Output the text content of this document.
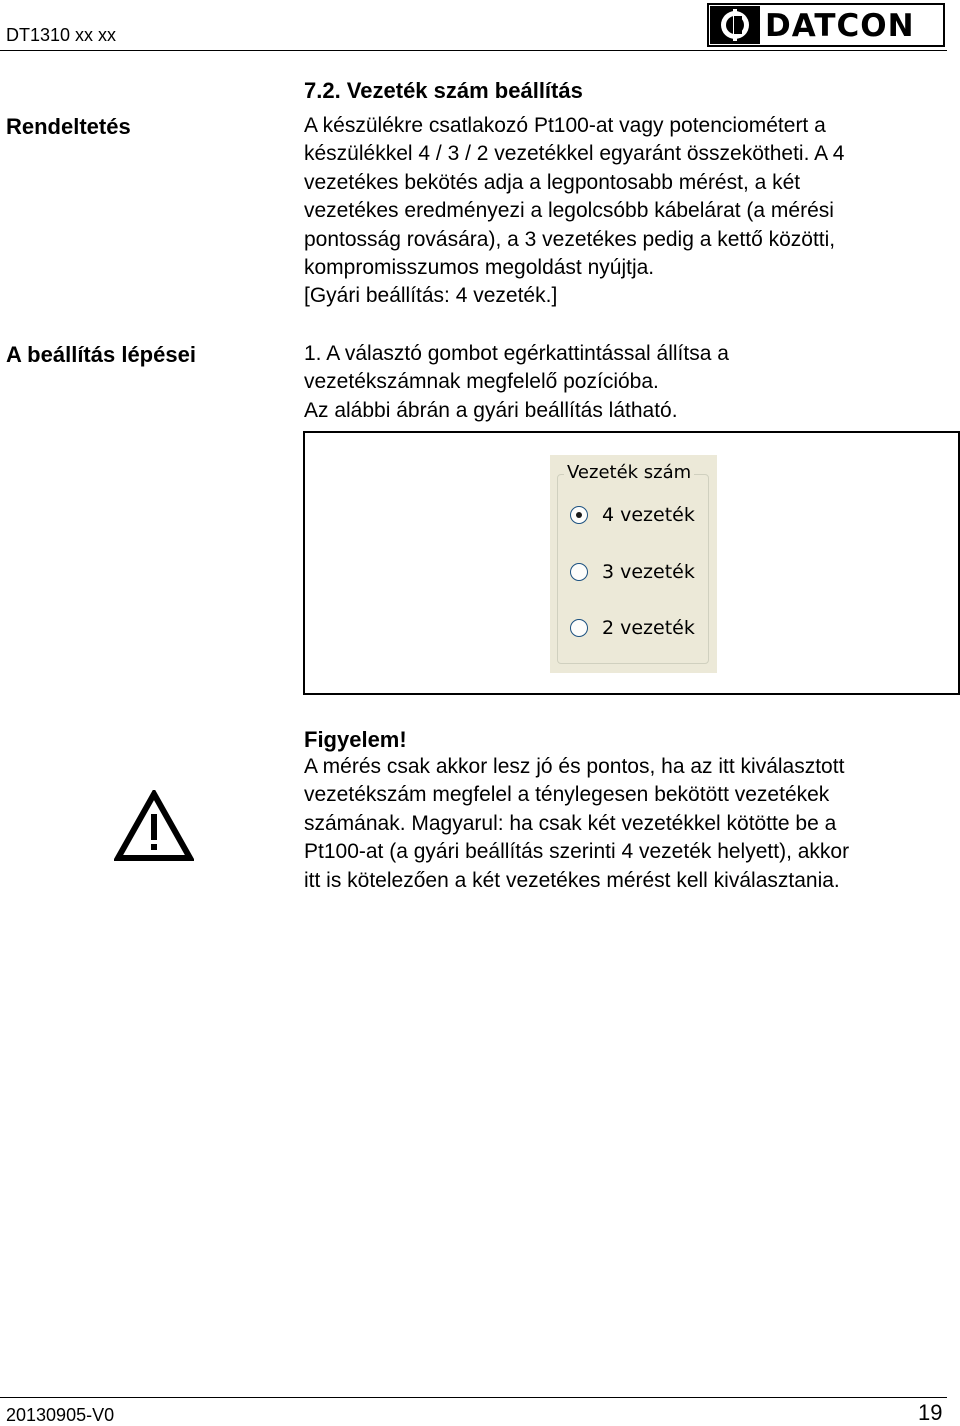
DT1310 xx xx	DATCON
7.2. Vezeték szám beállítás
Rendeltetés	A készülékre csatlakozó Pt100-at vagy potenciométert a
készülékkel 4 / 3 / 2 vezetékkel egyaránt összekötheti. A 4
vezetékes bekötés adja a legpontosabb mérést, a két
vezetékes eredményezi a legolcsóbb kábelárat (a mérési
pontosság rovására), a 3 vezetékes pedig a kettő közötti,
kompromisszumos megoldást nyújtja.
[Gyári beállítás: 4 vezeték.]
A beállítás lépései	1. A választó gombot egérkattintással állítsa a
vezetékszámnak megfelelő pozícióba.
Az alábbi ábrán a gyári beállítás látható.
Vezeték szám
4 vezeték
3 vezeték
2 vezeték
Figyelem!
A mérés csak akkor lesz jó és pontos, ha az itt kiválasztott
vezetékszám megfelel a ténylegesen bekötött vezetékek
számának. Magyarul: ha csak két vezetékkel kötötte be a
Pt100-at (a gyári beállítás szerinti 4 vezeték helyett), akkor
itt is kötelezően a két vezetékes mérést kell kiválasztania.
20130905-V0	19
